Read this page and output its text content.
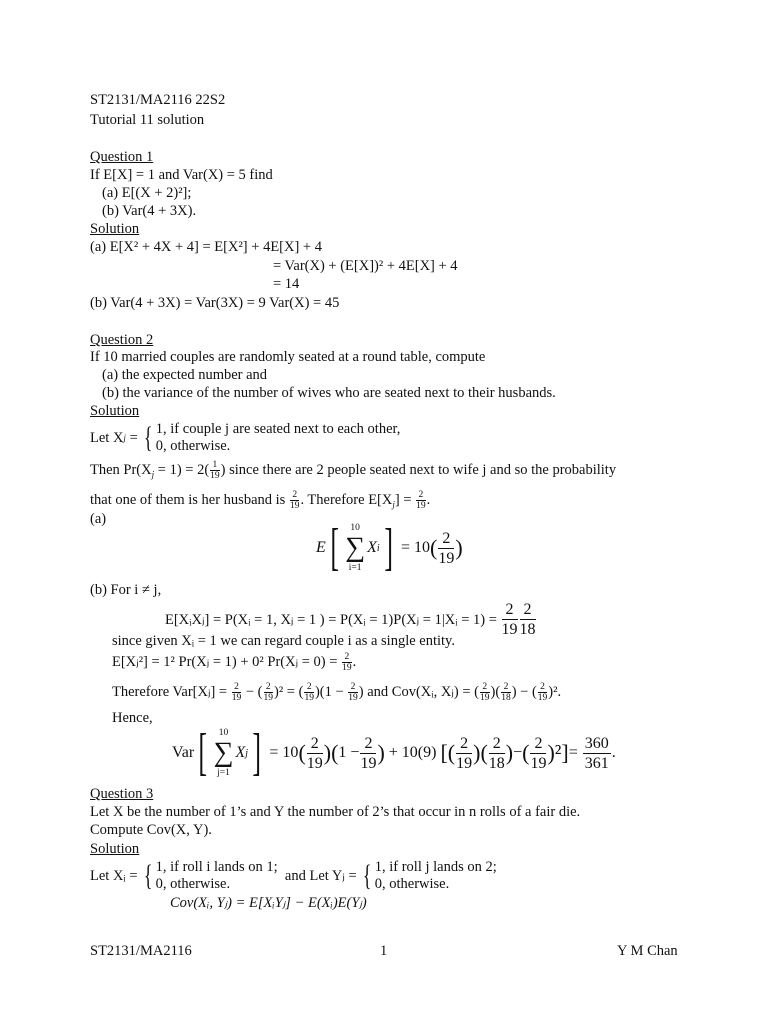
ST2131/MA2116 22S2
Tutorial 11 solution
Question 1
If E[X] = 1 and Var(X) = 5 find
(a) E[(X + 2)²];
(b) Var(4 + 3X).
Solution
(a) E[X² + 4X + 4] = E[X²] + 4E[X] + 4
= Var(X) + (E[X])² + 4E[X] + 4
= 14
(b) Var(4 + 3X) = Var(3X) = 9 Var(X) = 45
Question 2
If 10 married couples are randomly seated at a round table, compute
(a) the expected number and
(b) the variance of the number of wives who are seated next to their husbands.
Solution
Let X j = { 1, if couple j are seated next to each other,
0, otherwise.
Then $Pr(X_j = 1) = 2( \frac{1}{19}$ ) since there are 2 people seated next to wife j and so the probability
that one of them is her husband is $\frac{2}{19}$ . Therefore $E[X_j] = \frac{2}{19}$ .
(a)
E [ 10
∑
i=1
X i ]
= 10 ( 2
19 )
(b) For i ≠ j,
E[XᵢXⱼ] = P(Xᵢ = 1, Xⱼ = 1 ) = P(Xᵢ = 1)P(Xⱼ = 1|Xᵢ = 1) =
$\frac{2}{19} 2$
18
since given Xᵢ = 1 we can regard couple i as a single entity.
E[Xⱼ²] = 1² Pr(Xⱼ = 1) + 0² Pr(Xⱼ = $0) = \frac{2}{19}$ .
Therefore Var[Xⱼ] = $\frac{2}{19}$ − ( $\frac{2}{19} )^2$ = ( $\frac{2}{19} )(1 - \frac{2}{19}$ ) and Cov(Xᵢ, Xⱼ) = ( $\frac{2}{19}$ )( $\frac{2}{18}$ ) − ( $\frac{2}{19} )^2$.
Hence,
Var [ 10
∑
j=1
X j ]
= 10 ( 2
19 )( 1 −
2
19 )
+ 10(9)
[( 2
19 )( 2
18 ) − ( 2
19 )²] =
360
361
.
Question 3
Let X be the number of 1’s and Y the number of 2’s that occur in n rolls of a fair die.
Compute Cov(X, Y).
Solution
Let Xᵢ =
{ 1, if roll i lands on 1;
0, otherwise.
	and Let Yⱼ =
{ 1, if roll j lands on 2;
0, otherwise.
Cov(Xᵢ, Yⱼ) = E[XᵢYⱼ] − E(Xᵢ)E(Yⱼ)
ST2131/MA2116	1	Y M Chan
